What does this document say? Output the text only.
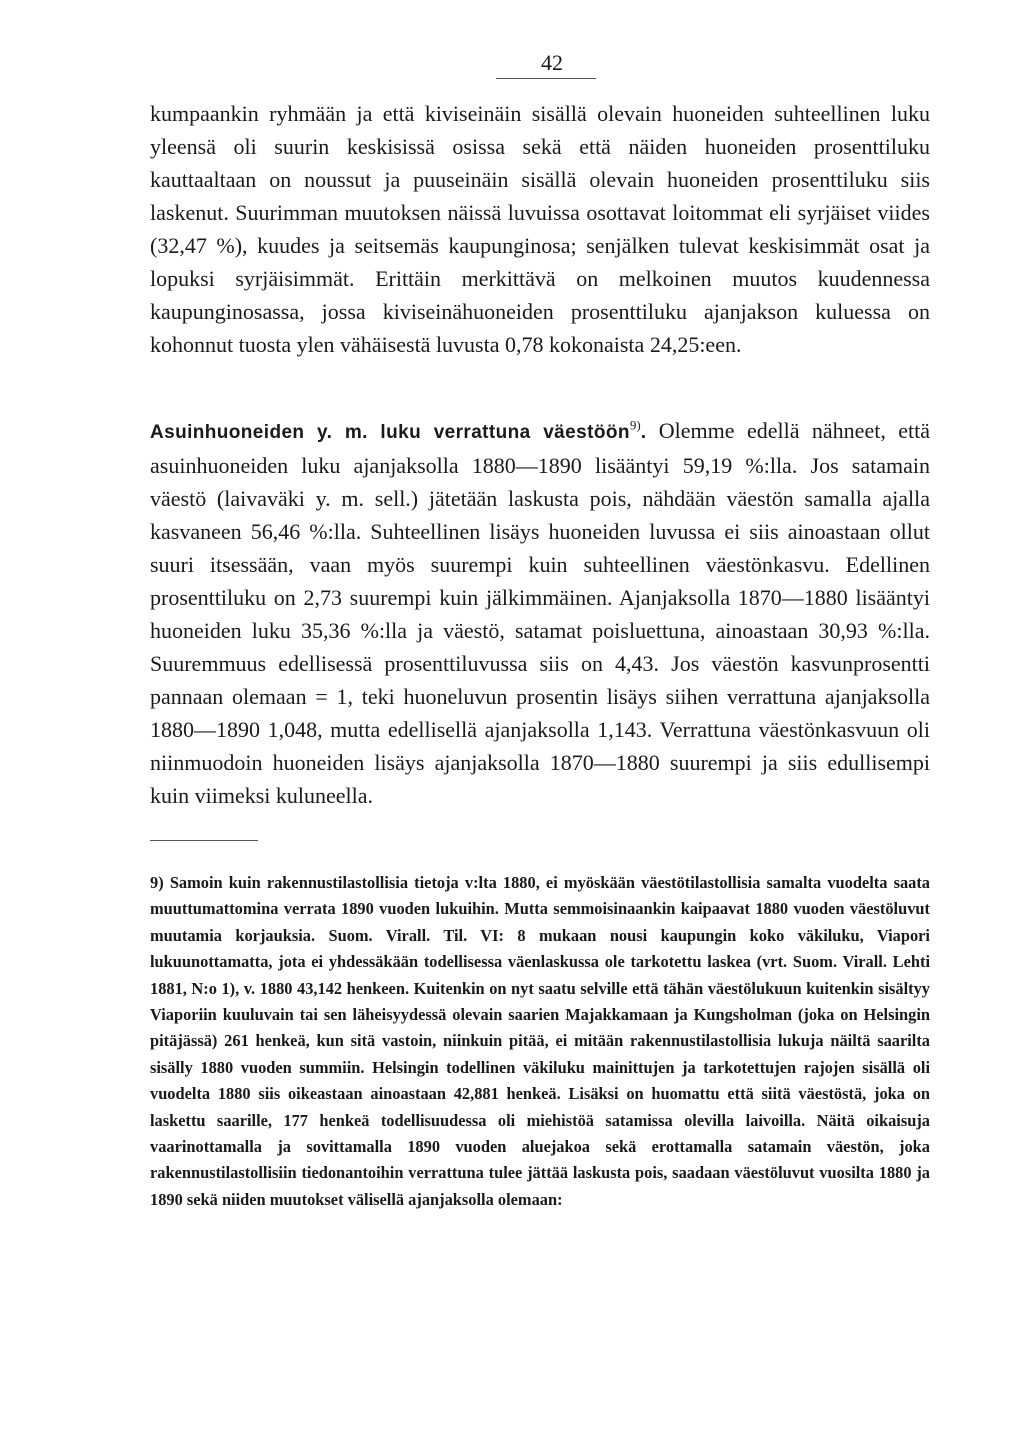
42

kumpaankin ryhmään ja että kiviseinäin sisällä olevain huoneiden suhteellinen luku yleensä oli suurin keskisissä osissa sekä että näiden huoneiden prosenttiluku kauttaaltaan on noussut ja puuseinäin sisällä olevain huoneiden prosenttiluku siis laskenut. Suurimman muutoksen näissä luvuissa osottavat loitommat eli syrjäiset viides (32,47 %), kuudes ja seitsemäs kaupunginosa; senjälken tulevat keskisimmät osat ja lopuksi syrjäisimmät. Erittäin merkittävä on melkoinen muutos kuudennessa kaupunginosassa, jossa kiviseinähuoneiden prosenttiluku ajanjakson kuluessa on kohonnut tuosta ylen vähäisestä luvusta 0,78 kokonaista 24,25:een.

Asuinhuoneiden y. m. luku verrattuna väestöön$^{9)}$. Olemme edellä nähneet, että asuinhuoneiden luku ajanjaksolla 1880—1890 lisääntyi 59,19 %:lla. Jos satamain väestö (laivaväki y. m. sell.) jätetään laskusta pois, nähdään väestön samalla ajalla kasvaneen 56,46 %:lla. Suhteellinen lisäys huoneiden luvussa ei siis ainoastaan ollut suuri itsessään, vaan myös suurempi kuin suhteellinen väestönkasvu. Edellinen prosenttiluku on 2,73 suurempi kuin jälkimmäinen. Ajanjaksolla 1870—1880 lisääntyi huoneiden luku 35,36 %:lla ja väestö, satamat poisluettuna, ainoastaan 30,93 %:lla. Suuremmuus edellisessä prosenttiluvussa siis on 4,43. Jos väestön kasvunprosentti pannaan olemaan = 1, teki huoneluvun prosentin lisäys siihen verrattuna ajanjaksolla 1880—1890 1,048, mutta edellisellä ajanjaksolla 1,143. Verrattuna väestönkasvuun oli niinmuodoin huoneiden lisäys ajanjaksolla 1870—1880 suurempi ja siis edullisempi kuin viimeksi kuluneella.

9) Samoin kuin rakennustilastollisia tietoja v:lta 1880, ei myöskään väestötilastollisia samalta vuodelta saata muuttumattomina verrata 1890 vuoden lukuihin. Mutta semmoisinaankin kaipaavat 1880 vuoden väestöluvut muutamia korjauksia. Suom. Virall. Til. VI: 8 mukaan nousi kaupungin koko väkiluku, Viapori lukuunottamatta, jota ei yhdessäkään todellisessa väenlaskussa ole tarkotettu laskea (vrt. Suom. Virall. Lehti 1881, N:o 1), v. 1880 43,142 henkeen. Kuitenkin on nyt saatu selville että tähän väestölukuun kuitenkin sisältyy Viaporiin kuuluvain tai sen läheisyydessä olevain saarien Majakkamaan ja Kungsholman (joka on Helsingin pitäjässä) 261 henkeä, kun sitä vastoin, niinkuin pitää, ei mitään rakennustilastollisia lukuja näiltä saarilta sisälly 1880 vuoden summiin. Helsingin todellinen väkiluku mainittujen ja tarkotettujen rajojen sisällä oli vuodelta 1880 siis oikeastaan ainoastaan 42,881 henkeä. Lisäksi on huomattu että siitä väestöstä, joka on laskettu saarille, 177 henkeä todellisuudessa oli miehistöä satamissa olevilla laivoilla. Näitä oikaisuja vaarinottamalla ja sovittamalla 1890 vuoden aluejakoa sekä erottamalla satamain väestön, joka rakennustilastollisiin tiedonantoihin verrattuna tulee jättää laskusta pois, saadaan väestöluvut vuosilta 1880 ja 1890 sekä niiden muutokset välisellä ajanjaksolla olemaan:
